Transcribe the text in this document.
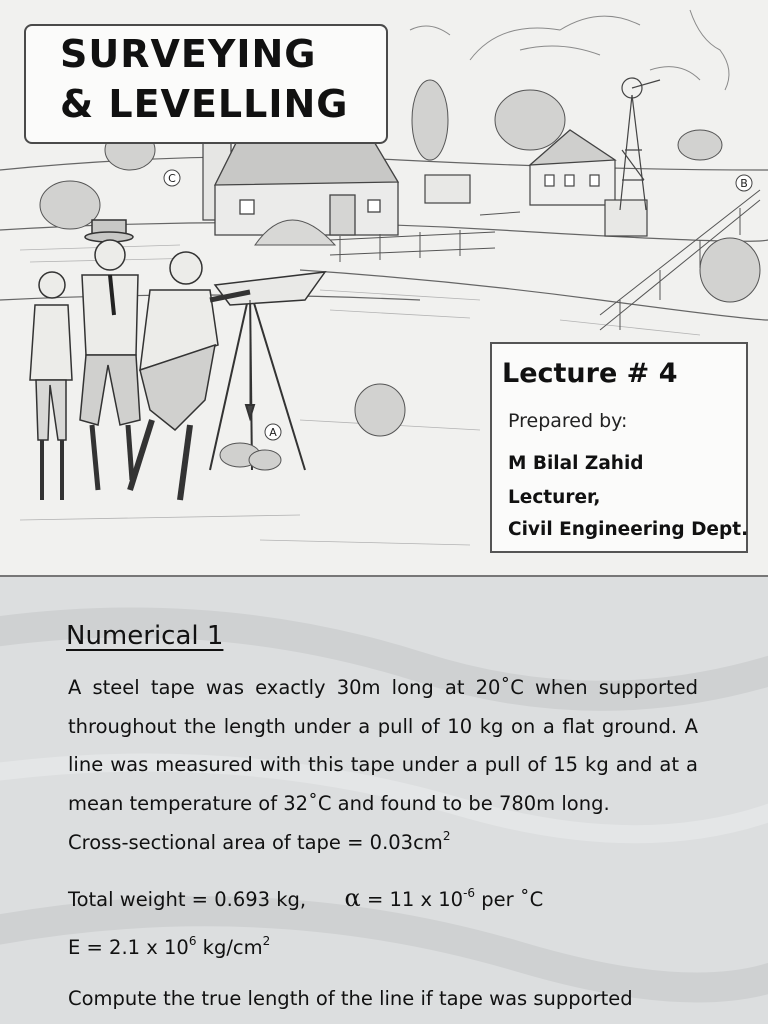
C	B
A
SURVEYING
& LEVELLING
Lecture # 4
Prepared by:
M Bilal Zahid
Lecturer,
Civil Engineering Dept.
Numerical 1
A steel tape was exactly 30m long at 20˚C when supported throughout the length under a pull of 10 kg on a flat ground. A line was measured with this tape under a pull of 15 kg and at a mean temperature of 32˚C and found to be 780m long.
Cross-sectional area of tape = $0.03cm^2$
Total weight = 0.693 kg, α = 11 x $10^{-6}$ per ˚C
E = 2.1 x $10^6$ $kg/cm^2$
Compute the true length of the line if tape was supported
